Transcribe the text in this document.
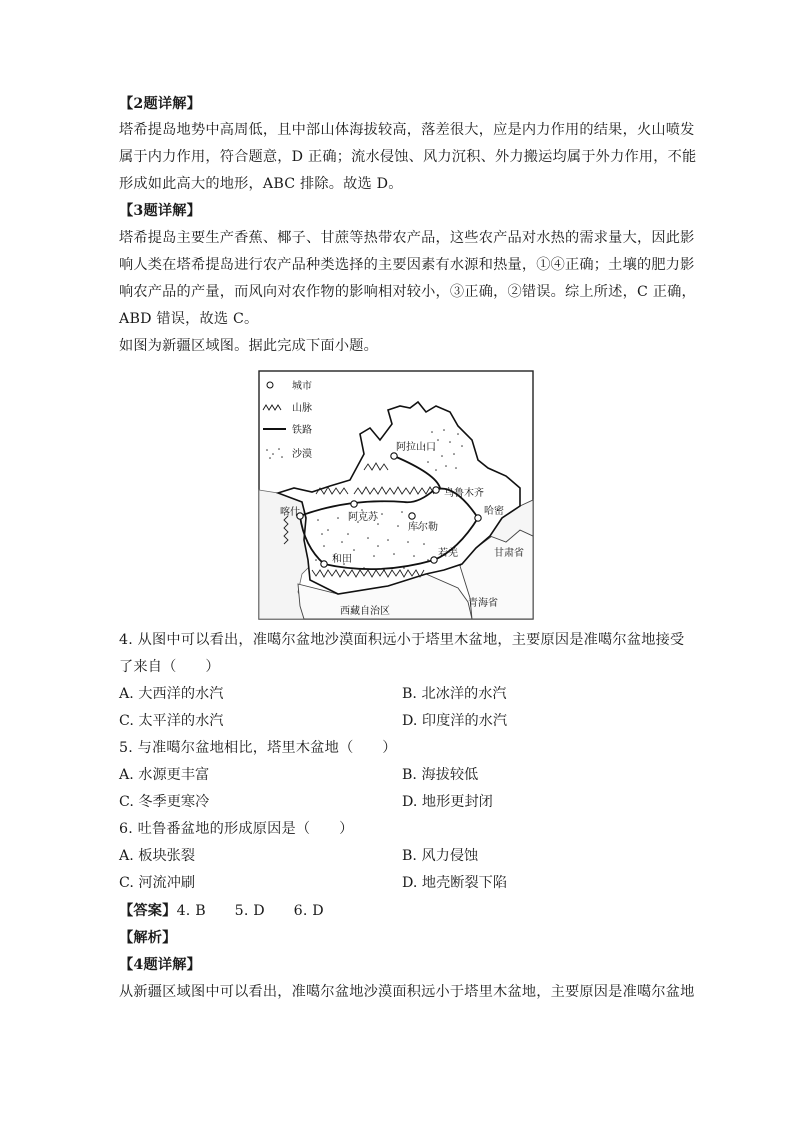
【2题详解】
塔希提岛地势中高周低，且中部山体海拔较高，落差很大，应是内力作用的结果，火山喷发
属于内力作用，符合题意，D 正确；流水侵蚀、风力沉积、外力搬运均属于外力作用，不能
形成如此高大的地形，ABC 排除。故选 D。
【3题详解】
塔希提岛主要生产香蕉、椰子、甘蔗等热带农产品，这些农产品对水热的需求量大，因此影
响人类在塔希提岛进行农产品种类选择的主要因素有水源和热量，①④正确；土壤的肥力影
响农产品的产量，而风向对农作物的影响相对较小，③正确，②错误。综上所述，C 正确，
ABD 错误，故选 C。
如图为新疆区域图。据此完成下面小题。
阿拉山口
乌鲁木齐
喀什	阿克苏
库尔勒
哈密
和田
若羌	甘肃省
青海省
西藏自治区
城市
山脉
铁路
沙漠
4. 从图中可以看出，准噶尔盆地沙漠面积远小于塔里木盆地，主要原因是准噶尔盆地接受
了来自（　　）
A. 大西洋的水汽	B. 北冰洋的水汽
C. 太平洋的水汽	D. 印度洋的水汽
5. 与准噶尔盆地相比，塔里木盆地（　　）
A. 水源更丰富	B. 海拔较低
C. 冬季更寒冷	D. 地形更封闭
6. 吐鲁番盆地的形成原因是（　　）
A. 板块张裂	B. 风力侵蚀
C. 河流冲刷	D. 地壳断裂下陷
【答案】4. B　　5. D　　6. D
【解析】
【4题详解】
从新疆区域图中可以看出，准噶尔盆地沙漠面积远小于塔里木盆地，主要原因是准噶尔盆地
